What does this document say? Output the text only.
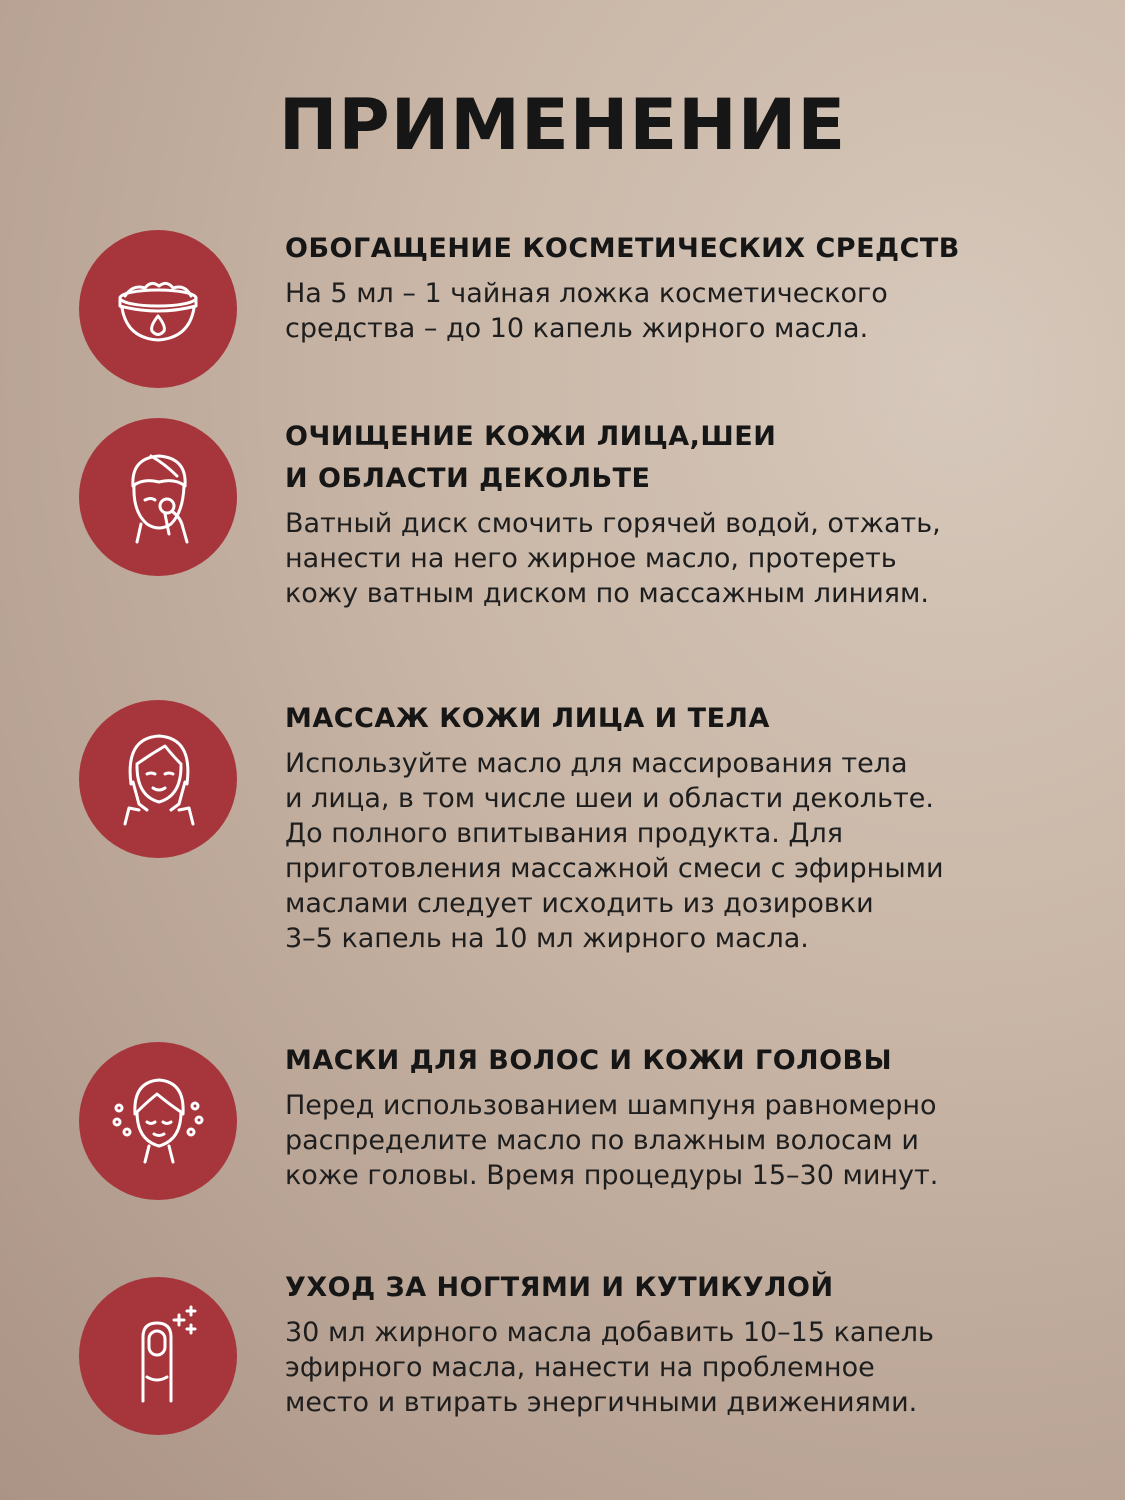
ПРИМЕНЕНИЕ
ОБОГАЩЕНИЕ КОСМЕТИЧЕСКИХ СРЕДСТВ
На 5 мл – 1 чайная ложка косметического
средства – до 10 капель жирного масла.
ОЧИЩЕНИЕ КОЖИ ЛИЦА,ШЕИ
И ОБЛАСТИ ДЕКОЛЬТЕ
Ватный диск смочить горячей водой, отжать,
нанести на него жирное масло, протереть
кожу ватным диском по массажным линиям.
МАССАЖ КОЖИ ЛИЦА И ТЕЛА
Используйте масло для массирования тела
и лица, в том числе шеи и области декольте.
До полного впитывания продукта. Для
приготовления массажной смеси с эфирными
маслами следует исходить из дозировки
3–5 капель на 10 мл жирного масла.
МАСКИ ДЛЯ ВОЛОС И КОЖИ ГОЛОВЫ
Перед использованием шампуня равномерно
распределите масло по влажным волосам и
коже головы. Время процедуры 15–30 минут.
УХОД ЗА НОГТЯМИ И КУТИКУЛОЙ
30 мл жирного масла добавить 10–15 капель
эфирного масла, нанести на проблемное
место и втирать энергичными движениями.
